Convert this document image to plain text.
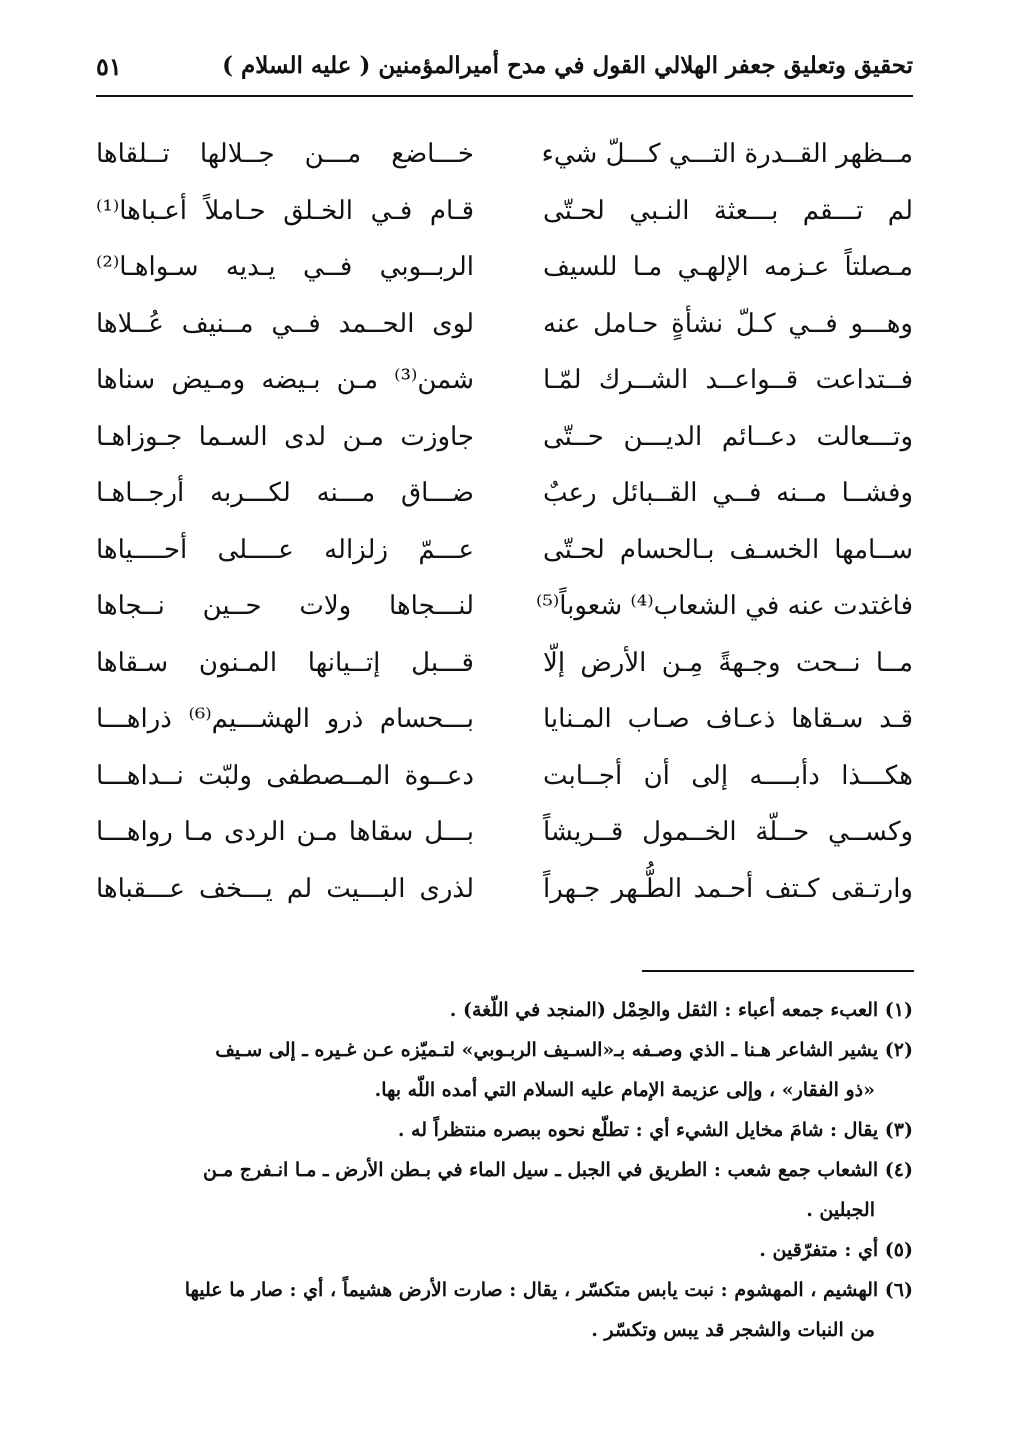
تحقيق وتعليق جعفر الهلالي القول في مدح أميرالمؤمنين ( عليه السلام )
٥١
مــظهر القــدرة التـــي كـــلّ شيء
خـــاضع مـــن جــلالها تــلقاها
لم تـــقم بـــعثة النـبي لحـتّى
قـام فـي الخـلق حـاملاً أعـباها⁽¹⁾
مـصلتاً عـزمه الإلهـي مـا للسيف
الربــوبي فــي يـديه سـواهـا⁽²⁾
وهـــو فــي كـلّ نشأةٍ حـامل عنه
لوى الحــمد فــي مــنيف عُــلاها
فــتداعت قــواعــد الشــرك لمّـا
شمن⁽³⁾ مـن بـيضه ومـيض سناها
وتـــعالت دعــائم الديـــن حــتّى
جاوزت مـن لدى السـما جـوزاهـا
وفشــا مــنه فــي القــبائل رعبٌ
ضـــاق مـــنه لكـــربه أرجــاهـا
ســامها الخسـف بـالحسام لحـتّى
عـــمّ زلزاله عــــلى أحــــياها
فاغتدت عنه في الشعاب⁽⁴⁾ شعوباً⁽⁵⁾
لنـــجاها ولات حــين نــجاها
مــا نــحت وجـهةً مِـن الأرض إلّا
قـــبل إتــيانها المـنون سـقاها
قـد سـقاها ذعـاف صـاب المـنايا
بـــحسام ذرو الهشـــيم⁽⁶⁾ ذراهـــا
هكـــذا دأبــــه إلى أن أجــابت
دعــوة المــصطفى ولبّت نــداهـــا
وكســي حــلّة الخــمول قــريشاً
بـــل سقاها مـن الردى مـا رواهـــا
وارتـقى كـتف أحـمد الطُّـهر جـهراً
لذرى البـــيت لم يـــخف عـــقباها

(١) العبء جمعه أعباء : الثقل والحِمْل (المنجد في اللّغة) .

(٢) يشير الشاعر هـنا ـ الذي وصـفه بـ«السـيف الربـوبي» لتـميّزه عـن غـيره ـ إلى سـيف

«ذو الفقار» ، وإلى عزيمة الإمام عليه السلام التي أمده اللّه بها.

(٣) يقال : شامَ مخايل الشيء أي : تطلّع نحوه ببصره منتظراً له .

(٤) الشعاب جمع شعب : الطريق في الجبل ـ سيل الماء في بـطن الأرض ـ مـا انـفرج مـن

الجبلين .

(٥) أي : متفرّقين .

(٦) الهشيم ، المهشوم : نبت يابس متكسّر ، يقال : صارت الأرض هشيماً ، أي : صار ما عليها

من النبات والشجر قد يبس وتكسّر .
